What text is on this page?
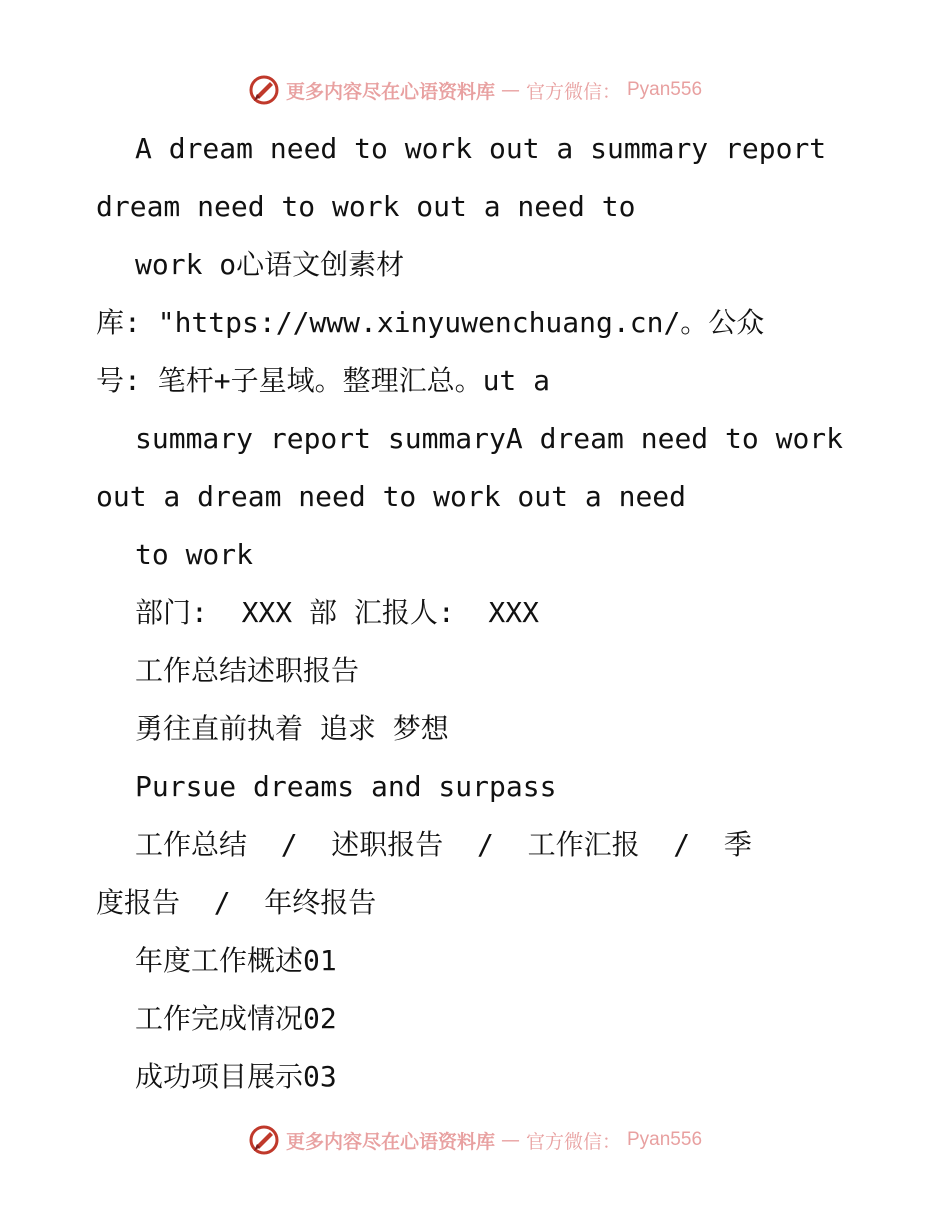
更多内容尽在心语资料库 — 官方微信： Pyan556
A dream need to work out a summary report
dream need to work out a need to
work o心语文创素材
库: "https://www.xinyuwenchuang.cn/。公众
号: 笔杆+子星域。整理汇总。ut a
summary report summaryA dream need to work
out a dream need to work out a need
to work
部门:  XXX 部 汇报人:  XXX
工作总结述职报告
勇往直前执着 追求 梦想
Pursue dreams and surpass
工作总结  /  述职报告  /  工作汇报  /  季
度报告  /  年终报告
年度工作概述01
工作完成情况02
成功项目展示03
更多内容尽在心语资料库 — 官方微信： Pyan556
